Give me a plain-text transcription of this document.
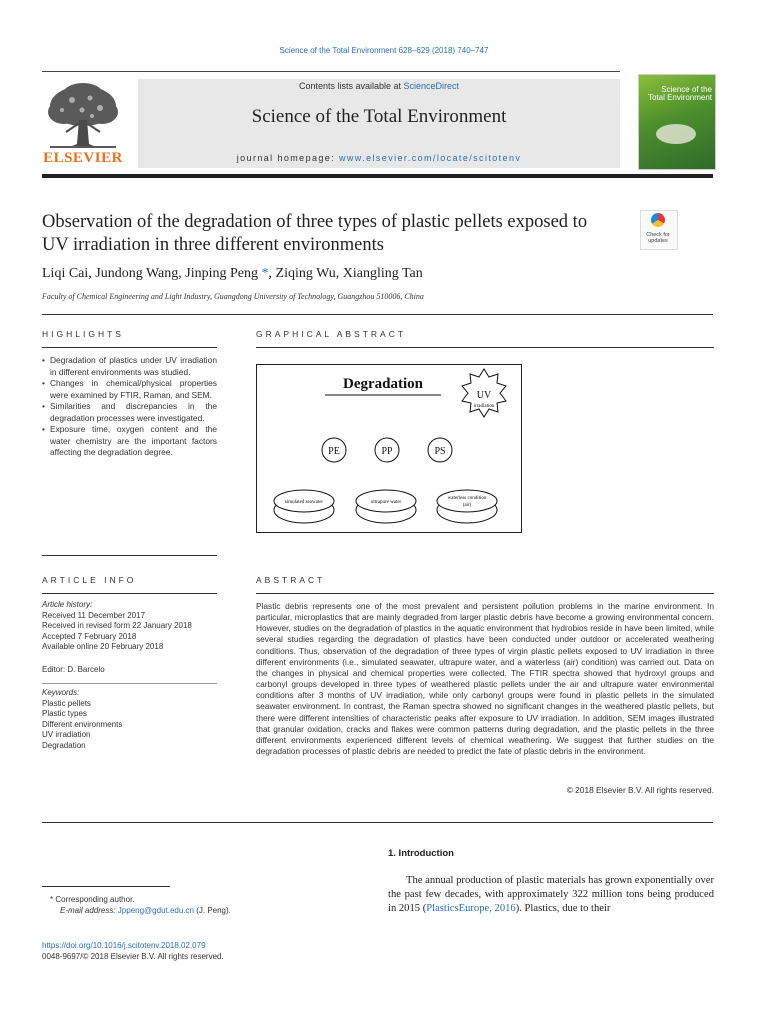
Science of the Total Environment 628–629 (2018) 740–747
ELSEVIER
Contents lists available at ScienceDirect
Science of the Total Environment
journal homepage: www.elsevier.com/locate/scitotenv
Science of the
Total Environment
Observation of the degradation of three types of plastic pellets exposed to
UV irradiation in three different environments	Check for
updates
Liqi Cai, Jundong Wang, Jinping Peng *, Ziqing Wu, Xiangling Tan
Faculty of Chemical Engineering and Light Industry, Guangdong University of Technology, Guangzhou 510006, China
HIGHLIGHTS
• Degradation of plastics under UV irradiation in different environments was studied.
• Changes in chemical/physical properties were examined by FTIR, Raman, and SEM.
• Similarities and discrepancies in the degradation processes were investigated.
• Exposure time, oxygen content and the water chemistry are the important factors affecting the degradation degree.
GRAPHICAL ABSTRACT
Degradation
UV
irradiation
PE	PP	PS
simulated seawater	ultrapure water
waterless condition
(air)
ARTICLE INFO
Article history:
Received 11 December 2017
Received in revised form 22 January 2018
Accepted 7 February 2018
Available online 20 February 2018
Editor: D. Barcelo
Keywords:
Plastic pellets
Plastic types
Different environments
UV irradiation
Degradation
ABSTRACT
Plastic debris represents one of the most prevalent and persistent pollution problems in the marine environment. In particular, microplastics that are mainly degraded from larger plastic debris have become a growing environmental concern. However, studies on the degradation of plastics in the aquatic environment that hydrobios reside in have been limited, while several studies regarding the degradation of plastics have been conducted under outdoor or accelerated weathering conditions. Thus, observation of the degradation of three types of virgin plastic pellets exposed to UV irradiation in three different environments (i.e., simulated seawater, ultrapure water, and a waterless (air) condition) was carried out. Data on the changes in physical and chemical properties were collected. The FTIR spectra showed that hydroxyl groups and carbonyl groups developed in three types of weathered plastic pellets under the air and ultrapure water environmental conditions after 3 months of UV irradiation, while only carbonyl groups were found in plastic pellets in the simulated seawater environment. In contrast, the Raman spectra showed no significant changes in the weathered plastic pellets, but there were different intensities of characteristic peaks after exposure to UV irradiation. In addition, SEM images illustrated that granular oxidation, cracks and flakes were common patterns during degradation, and the plastic pellets in the three different environments experienced different levels of chemical weathering. We suggest that further studies on the degradation processes of plastic debris are needed to predict the fate of plastic debris in the environment.
© 2018 Elsevier B.V. All rights reserved.
1. Introduction
The annual production of plastic materials has grown exponentially over the past few decades, with approximately 322 million tons being produced in 2015 (PlasticsEurope, 2016). Plastics, due to their
* Corresponding author.
E-mail address: Jppeng@gdut.edu.cn (J. Peng).
https://doi.org/10.1016/j.scitotenv.2018.02.079
0048-9697/© 2018 Elsevier B.V. All rights reserved.
